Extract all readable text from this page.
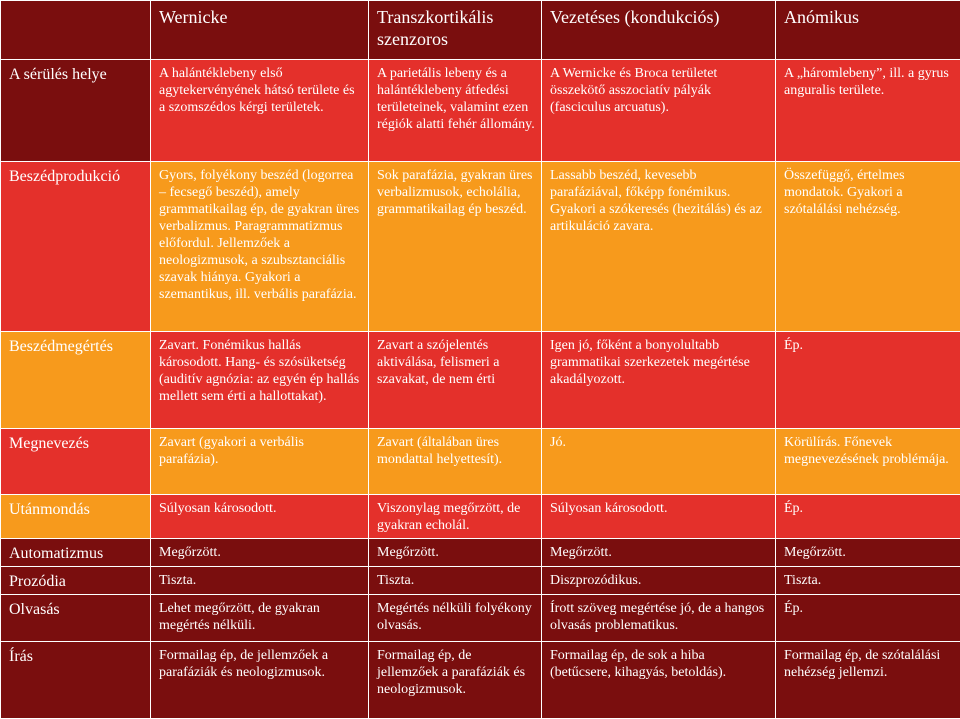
	Wernicke	Transzkortikális szenzoros	Vezetéses (kondukciós)	Anómikus
A sérülés helye	A halántéklebeny első agytekervényének hátsó területe és a szomszédos kérgi területek.	A parietális lebeny és a halántéklebeny átfedési területeinek, valamint ezen régiók alatti fehér állomány.	A Wernicke és Broca területet összekötő asszociatív pályák (fasciculus arcuatus).	A „háromlebeny”, ill. a gyrus anguralis területe.
Beszédprodukció	Gyors, folyékony beszéd (logorrea – fecsegő beszéd), amely grammatikailag ép, de gyakran üres verbalizmus. Paragrammatizmus előfordul. Jellemzőek a neologizmusok, a szubsztanciális szavak hiánya. Gyakori a szemantikus, ill. verbális parafázia.	Sok parafázia, gyakran üres verbalizmusok, echolália, grammatikailag ép beszéd.	Lassabb beszéd, kevesebb parafáziával, főképp fonémikus. Gyakori a szókeresés (hezitálás) és az artikuláció zavara.	Összefüggő, értelmes mondatok. Gyakori a szótalálási nehézség.
Beszédmegértés	Zavart. Fonémikus hallás károsodott. Hang- és szósüketség (auditív agnózia: az egyén ép hallás mellett sem érti a hallottakat).	Zavart a szójelentés aktiválása, felismeri a szavakat, de nem érti	Igen jó, főként a bonyolultabb grammatikai szerkezetek megértése akadályozott.	Ép.
Megnevezés	Zavart (gyakori a verbális parafázia).	Zavart (általában üres mondattal helyettesít).	Jó.	Körülírás. Főnevek megnevezésének problémája.
Utánmondás	Súlyosan károsodott.	Viszonylag megőrzött, de gyakran echolál.	Súlyosan károsodott.	Ép.
Automatizmus	Megőrzött.	Megőrzött.	Megőrzött.	Megőrzött.
Prozódia	Tiszta.	Tiszta.	Diszprozódikus.	Tiszta.
Olvasás	Lehet megőrzött, de gyakran megértés nélküli.	Megértés nélküli folyékony olvasás.	Írott szöveg megértése jó, de a hangos olvasás problematikus.	Ép.
Írás	Formailag ép, de jellemzőek a parafáziák és neologizmusok.	Formailag ép, de jellemzőek a parafáziák és neologizmusok.	Formailag ép, de sok a hiba (betűcsere, kihagyás, betoldás).	Formailag ép, de szótalálási nehézség jellemzi.
